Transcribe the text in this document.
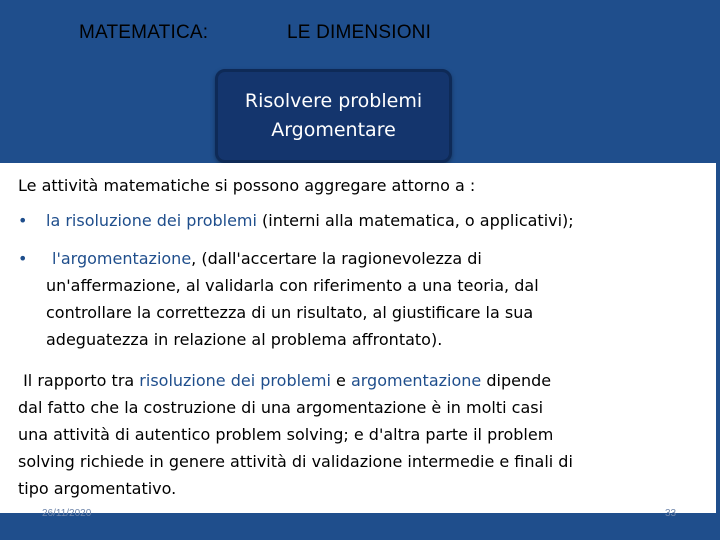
MATEMATICA:	LE DIMENSIONI
Risolvere problemi
Argomentare
Le attività matematiche si possono aggregare attorno a :
• la risoluzione dei problemi (interni alla matematica, o applicativi);
• l'argomentazione, (dall'accertare la ragionevolezza di
un'affermazione, al validarla con riferimento a una teoria, dal
controllare la correttezza di un risultato, al giustificare la sua
adeguatezza in relazione al problema affrontato).
Il rapporto tra risoluzione dei problemi e argomentazione dipende
dal fatto che la costruzione di una argomentazione è in molti casi
una attività di autentico problem solving; e d'altra parte il problem
solving richiede in genere attività di validazione intermedie e finali di
tipo argomentativo.
26/11/2020	33
